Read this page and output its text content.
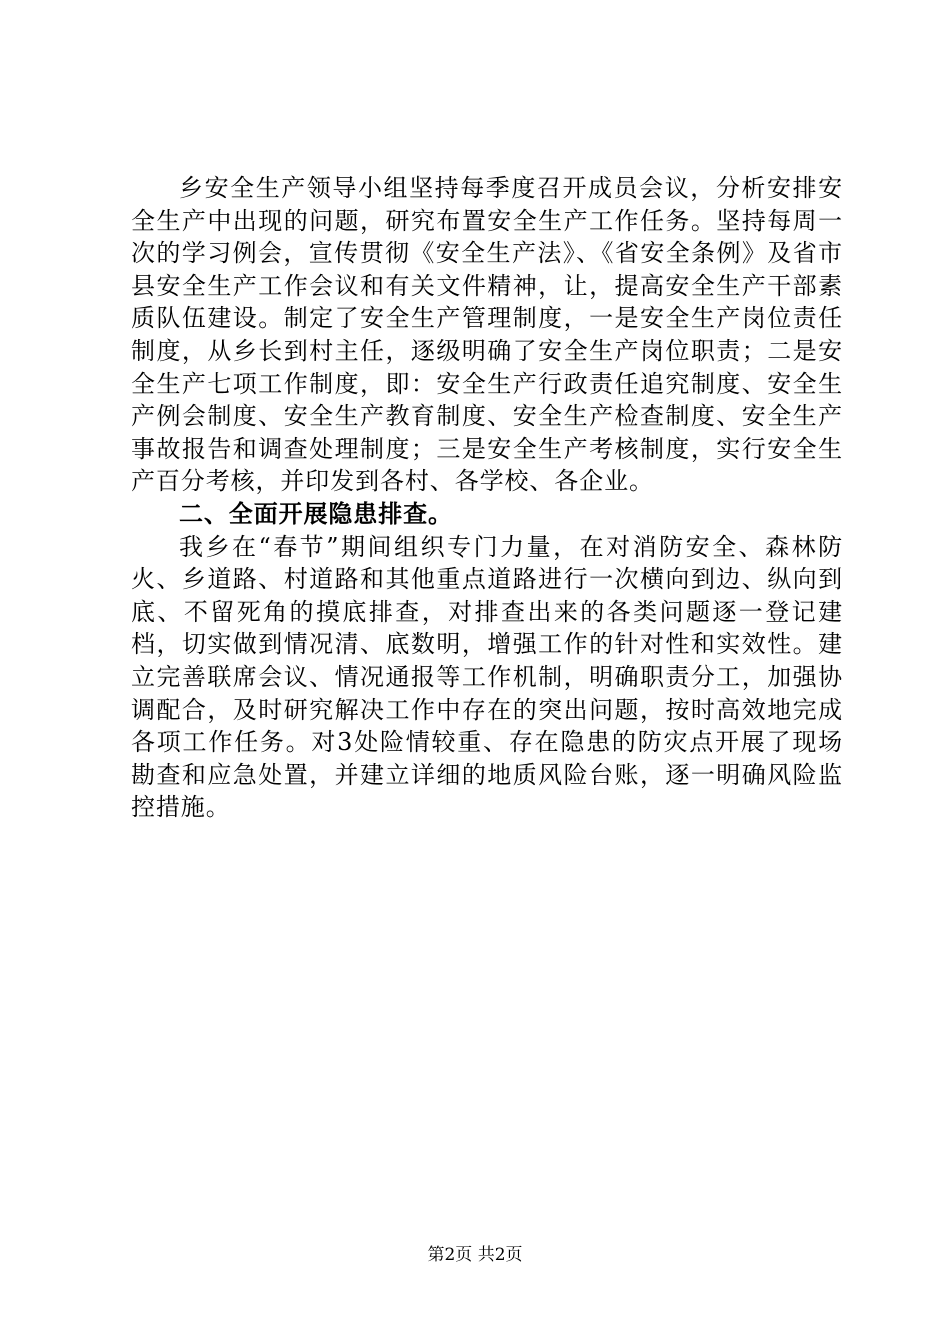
乡安全生产领导小组坚持每季度召开成员会议，分析安排安全生产中出现的问题，研究布置安全生产工作任务。坚持每周一次的学习例会，宣传贯彻《安全生产法》、《省安全条例》及省市县安全生产工作会议和有关文件精神，让，提高安全生产干部素质队伍建设。制定了安全生产管理制度，一是安全生产岗位责任制度，从乡长到村主任，逐级明确了安全生产岗位职责；二是安全生产七项工作制度，即：安全生产行政责任追究制度、安全生产例会制度、安全生产教育制度、安全生产检查制度、安全生产事故报告和调查处理制度；三是安全生产考核制度，实行安全生产百分考核，并印发到各村、各学校、各企业。

二、全面开展隐患排查。

我乡在“春节”期间组织专门力量，在对消防安全、森林防火、乡道路、村道路和其他重点道路进行一次横向到边、纵向到底、不留死角的摸底排查，对排查出来的各类问题逐一登记建档，切实做到情况清、底数明，增强工作的针对性和实效性。建立完善联席会议、情况通报等工作机制，明确职责分工，加强协调配合，及时研究解决工作中存在的突出问题，按时高效地完成各项工作任务。对3处险情较重、存在隐患的防灾点开展了现场勘查和应急处置，并建立详细的地质风险台账，逐一明确风险监控措施。

第2页 共2页
